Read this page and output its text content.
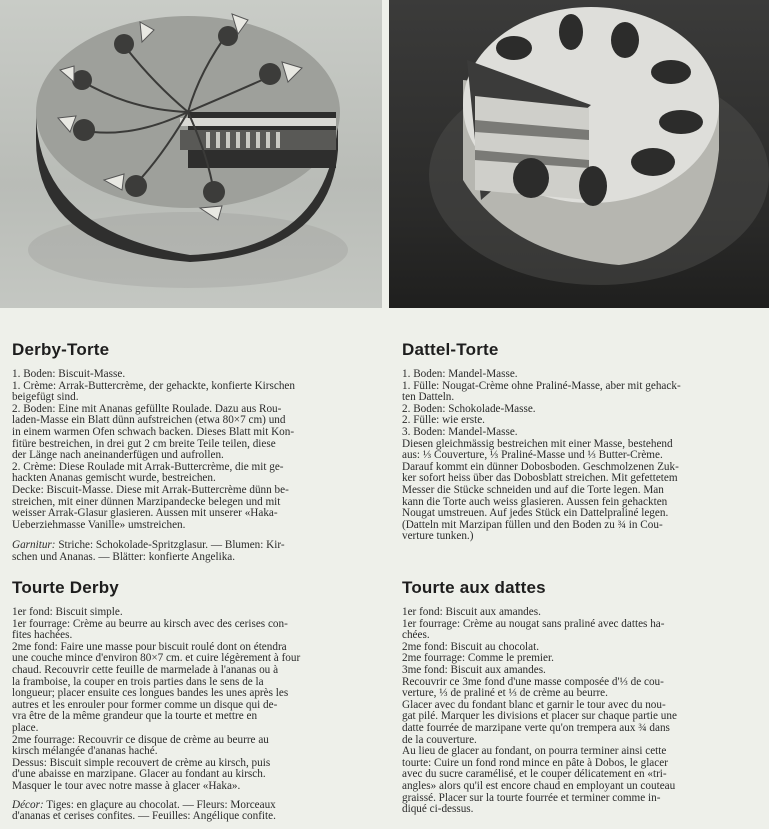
Derby-Torte

1. Boden: Biscuit-Masse.

1. Crème: Arrak-Buttercrème, der gehackte, konfierte Kirschen

beigefügt sind.

2. Boden: Eine mit Ananas gefüllte Roulade. Dazu aus Rou-

laden-Masse ein Blatt dünn aufstreichen (etwa 80×7 cm) und

in einem warmen Ofen schwach backen. Dieses Blatt mit Kon-

fitüre bestreichen, in drei gut 2 cm breite Teile teilen, diese

der Länge nach aneinanderfügen und aufrollen.

2. Crème: Diese Roulade mit Arrak-Buttercrème, die mit ge-

hackten Ananas gemischt wurde, bestreichen.

Decke: Biscuit-Masse. Diese mit Arrak-Buttercrème dünn be-

streichen, mit einer dünnen Marzipandecke belegen und mit

weisser Arrak-Glasur glasieren. Aussen mit unserer «Haka-

Ueberziehmasse Vanille» umstreichen.

Garnitur: Striche: Schokolade-Spritzglasur. — Blumen: Kir-

schen und Ananas. — Blätter: konfierte Angelika.

Tourte Derby

1er fond: Biscuit simple.

1er fourrage: Crème au beurre au kirsch avec des cerises con-

fites hachées.

2me fond: Faire une masse pour biscuit roulé dont on étendra

une couche mince d'environ 80×7 cm. et cuire légèrement à four

chaud. Recouvrir cette feuille de marmelade à l'ananas ou à

la framboise, la couper en trois parties dans le sens de la

longueur; placer ensuite ces longues bandes les unes après les

autres et les enrouler pour former comme un disque qui de-

vra être de la même grandeur que la tourte et mettre en

place.

2me fourrage: Recouvrir ce disque de crème au beurre au

kirsch mélangée d'ananas haché.

Dessus: Biscuit simple recouvert de crème au kirsch, puis

d'une abaisse en marzipane. Glacer au fondant au kirsch.

Masquer le tour avec notre masse à glacer «Haka».

Décor: Tiges: en glaçure au chocolat. — Fleurs: Morceaux

d'ananas et cerises confites. — Feuilles: Angélique confite.

Dattel-Torte

1. Boden: Mandel-Masse.

1. Fülle: Nougat-Crème ohne Praliné-Masse, aber mit gehack-

ten Datteln.

2. Boden: Schokolade-Masse.

2. Fülle: wie erste.

3. Boden: Mandel-Masse.

Diesen gleichmässig bestreichen mit einer Masse, bestehend

aus: ⅓ Couverture, ⅓ Praliné-Masse und ⅓ Butter-Crème.

Darauf kommt ein dünner Dobosboden. Geschmolzenen Zuk-

ker sofort heiss über das Dobosblatt streichen. Mit gefettetem

Messer die Stücke schneiden und auf die Torte legen. Man

kann die Torte auch weiss glasieren. Aussen fein gehackten

Nougat umstreuen. Auf jedes Stück ein Dattelpraliné legen.

(Datteln mit Marzipan füllen und den Boden zu ¾ in Cou-

verture tunken.)

Tourte aux dattes

1er fond: Biscuit aux amandes.

1er fourrage: Crème au nougat sans praliné avec dattes ha-

chées.

2me fond: Biscuit au chocolat.

2me fourrage: Comme le premier.

3me fond: Biscuit aux amandes.

Recouvrir ce 3me fond d'une masse composée d'⅓ de cou-

verture, ⅓ de praliné et ⅓ de crème au beurre.

Glacer avec du fondant blanc et garnir le tour avec du nou-

gat pilé. Marquer les divisions et placer sur chaque partie une

datte fourrée de marzipane verte qu'on trempera aux ¾ dans

de la couverture.

Au lieu de glacer au fondant, on pourra terminer ainsi cette

tourte: Cuire un fond rond mince en pâte à Dobos, le glacer

avec du sucre caramélisé, et le couper délicatement en «tri-

angles» alors qu'il est encore chaud en employant un couteau

graissé. Placer sur la tourte fourrée et terminer comme in-

diqué ci-dessus.
